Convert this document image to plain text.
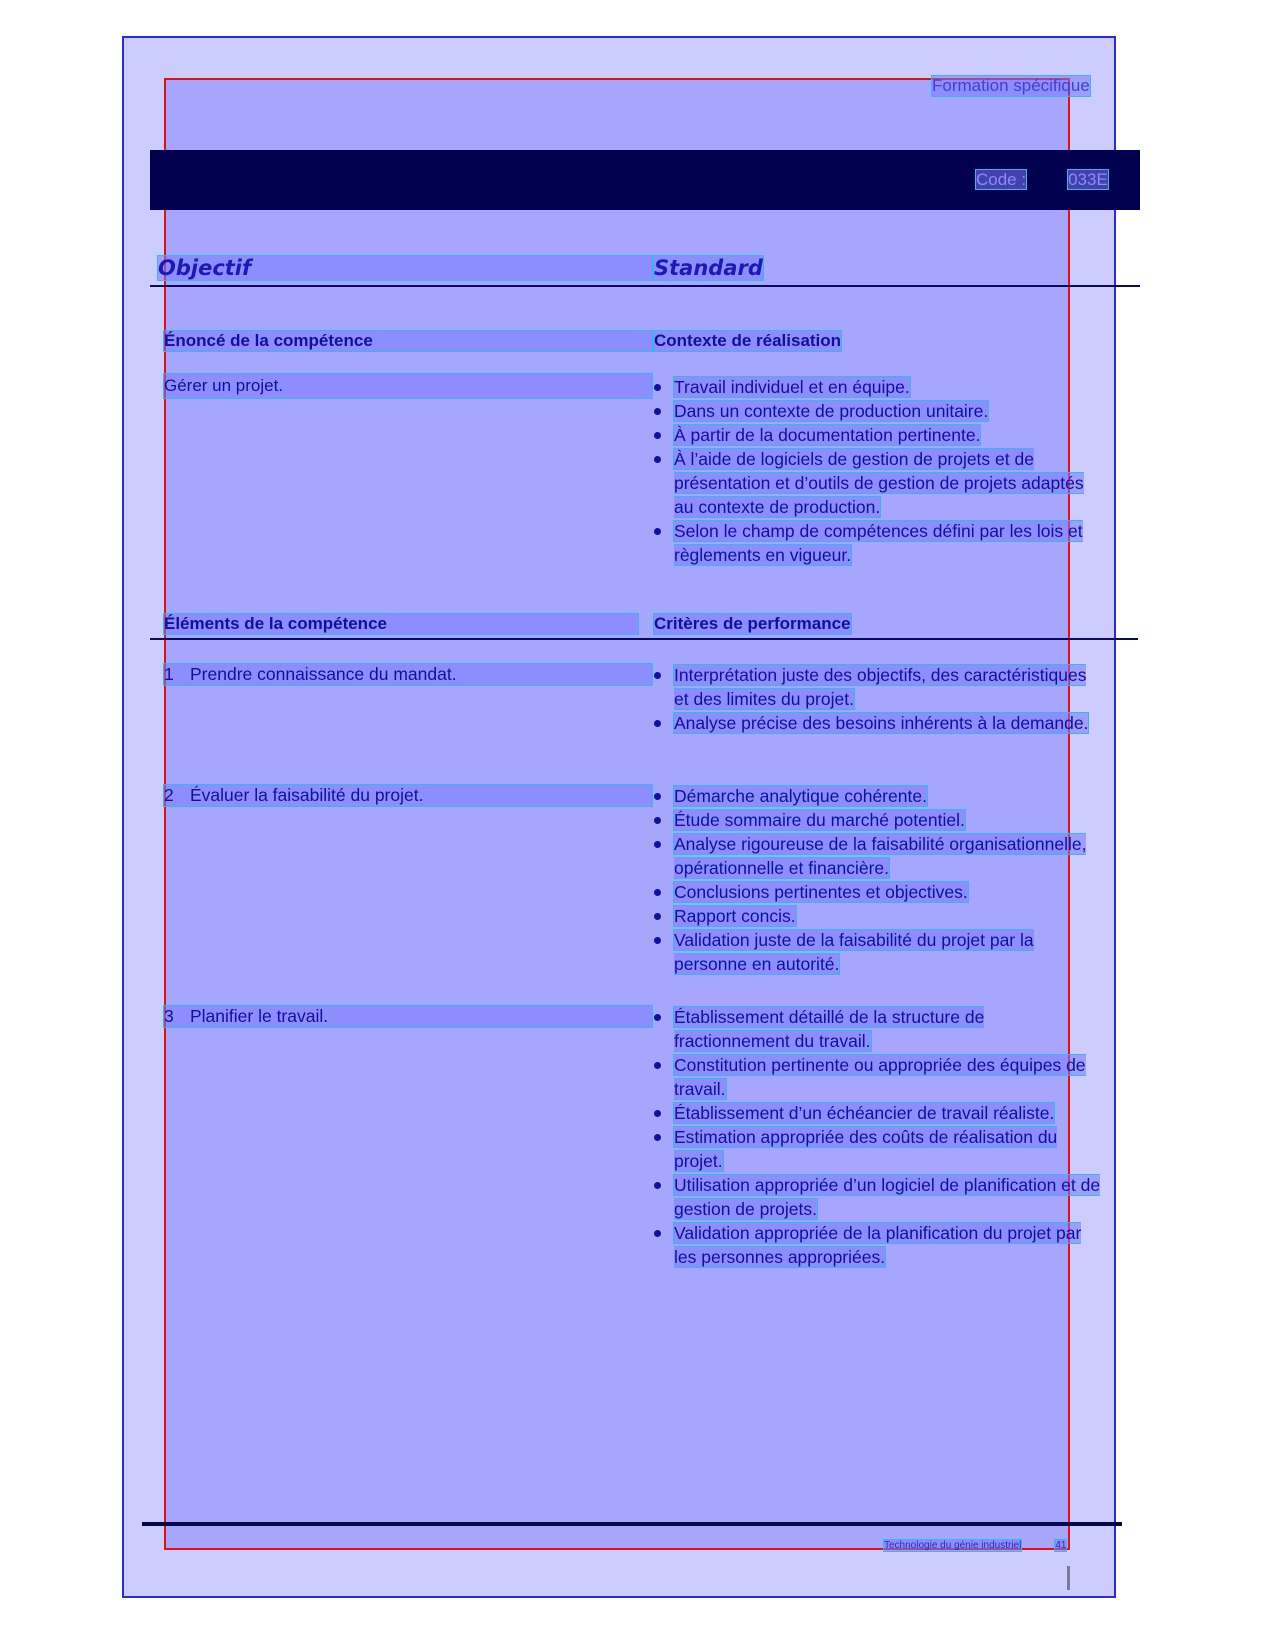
Formation spécifique
Code : 033E
Objectif	Standard
Énoncé de la compétence	Contexte de réalisation
Gérer un projet.	Travail individuel et en équipe.
Dans un contexte de production unitaire.
À partir de la documentation pertinente.
À l’aide de logiciels de gestion de projets et de présentation et d’outils de gestion de projets adaptés au contexte de production.
Selon le champ de compétences défini par les lois et règlements en vigueur.
Éléments de la compétence	Critères de performance
1 Prendre connaissance du mandat.	Interprétation juste des objectifs, des caractéristiques et des limites du projet.
Analyse précise des besoins inhérents à la demande.
2 Évaluer la faisabilité du projet.	Démarche analytique cohérente.
Étude sommaire du marché potentiel.
Analyse rigoureuse de la faisabilité organisationnelle, opérationnelle et financière.
Conclusions pertinentes et objectives.
Rapport concis.
Validation juste de la faisabilité du projet par la personne en autorité.
3 Planifier le travail.	Établissement détaillé de la structure de fractionnement du travail.
Constitution pertinente ou appropriée des équipes de travail.
Établissement d’un échéancier de travail réaliste.
Estimation appropriée des coûts de réalisation du projet.
Utilisation appropriée d’un logiciel de planification et de gestion de projets.
Validation appropriée de la planification du projet par les personnes appropriées.
Technologie du génie industriel	41
